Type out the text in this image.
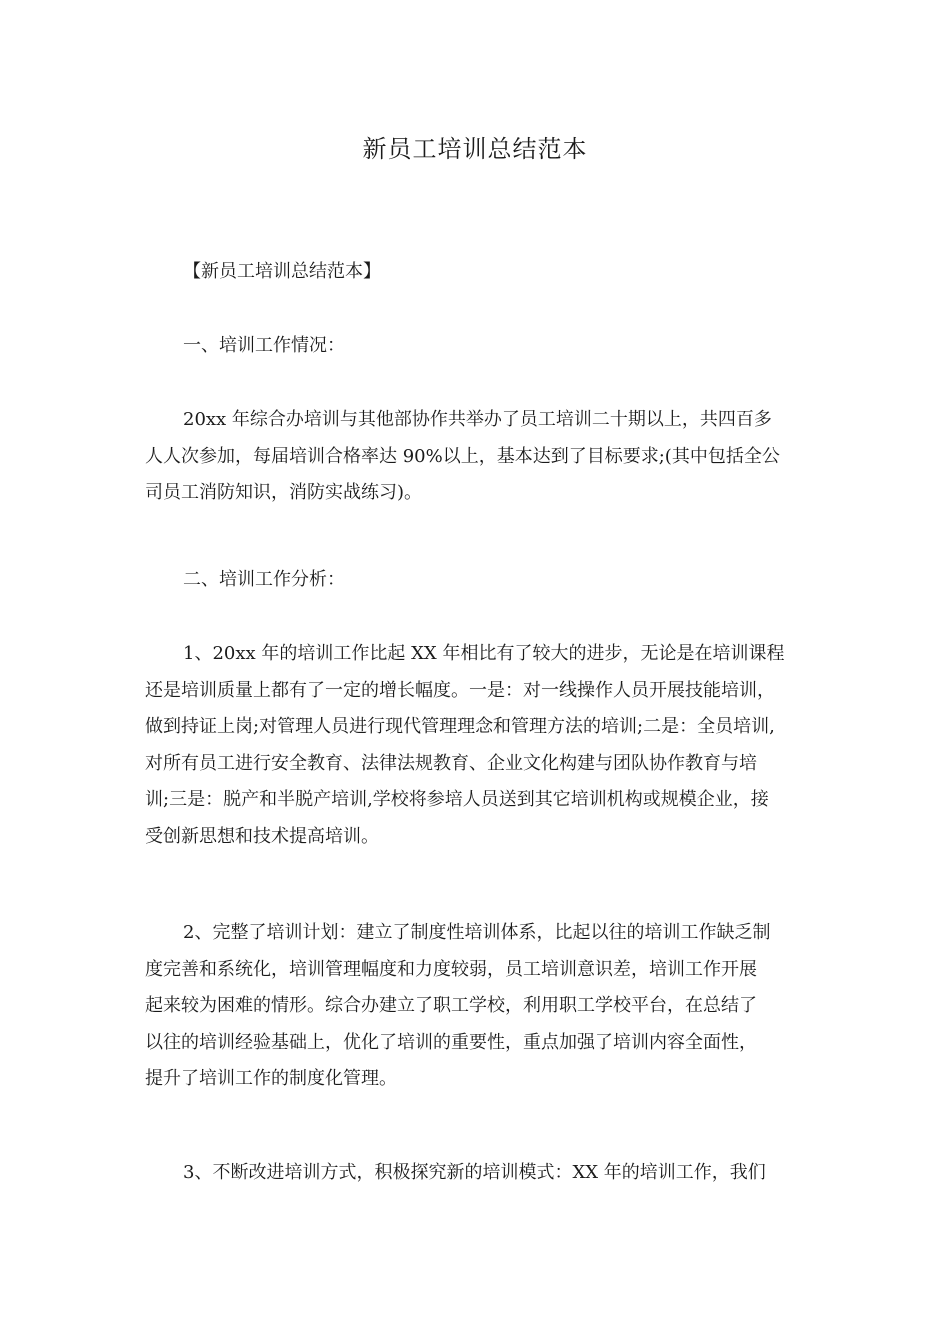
新员工培训总结范本
【新员工培训总结范本】
一、培训工作情况：
20xx 年综合办培训与其他部协作共举办了员工培训二十期以上，共四百多
人人次参加，每届培训合格率达 90%以上，基本达到了目标要求;(其中包括全公
司员工消防知识，消防实战练习)。
二、培训工作分析：
1、20xx 年的培训工作比起 XX 年相比有了较大的进步，无论是在培训课程
还是培训质量上都有了一定的增长幅度。一是：对一线操作人员开展技能培训，
做到持证上岗;对管理人员进行现代管理理念和管理方法的培训;二是：全员培训,
对所有员工进行安全教育、法律法规教育、企业文化构建与团队协作教育与培
训;三是：脱产和半脱产培训,学校将参培人员送到其它培训机构或规模企业，接
受创新思想和技术提高培训。
2、完整了培训计划：建立了制度性培训体系，比起以往的培训工作缺乏制
度完善和系统化，培训管理幅度和力度较弱，员工培训意识差，培训工作开展
起来较为困难的情形。综合办建立了职工学校，利用职工学校平台，在总结了
以往的培训经验基础上，优化了培训的重要性，重点加强了培训内容全面性，
提升了培训工作的制度化管理。
3、不断改进培训方式，积极探究新的培训模式：XX 年的培训工作，我们
